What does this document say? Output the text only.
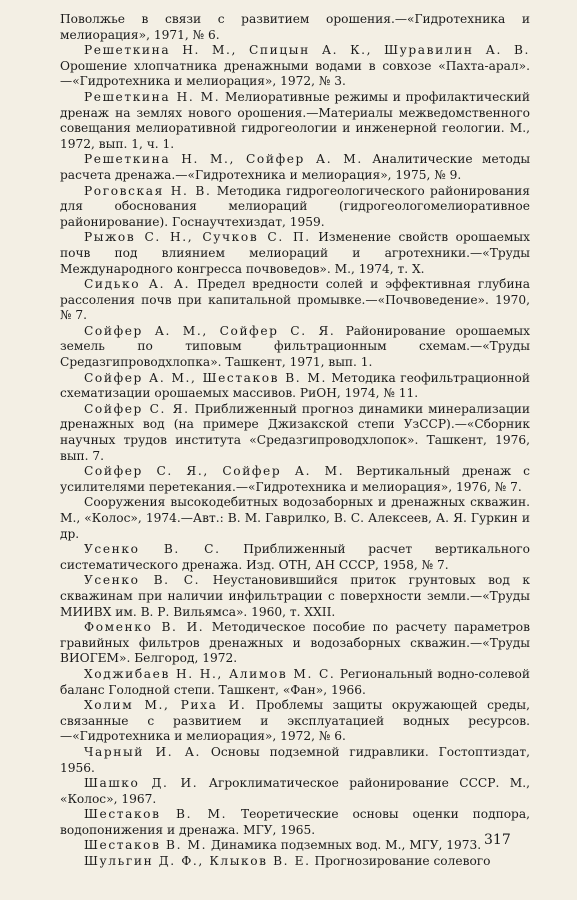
Поволжье в связи с развитием орошения.—«Гидротехника и мелиорация», 1971, № 6.

Решеткина Н. М., Спицын А. К., Шуравилин А. В. Орошение хлопчатника дренажными водами в совхозе «Пахта-арал».—«Гидротехника и мелиорация», 1972, № 3.

Решеткина Н. М. Мелиоративные режимы и профилактический дренаж на землях нового орошения.—Материалы межведомственного совещания мелиоративной гидрогеологии и инженерной геологии. М., 1972, вып. 1, ч. 1.

Решеткина Н. М., Сойфер А. М. Аналитические методы расчета дренажа.—«Гидротехника и мелиорация», 1975, № 9.

Роговская Н. В. Методика гидрогеологического районирования для обоснования мелиораций (гидрогеологомелиоративное районирование). Госнаучтехиздат, 1959.

Рыжов С. Н., Сучков С. П. Изменение свойств орошаемых почв под влиянием мелиораций и агротехники.—«Труды Международного конгресса почвоведов». М., 1974, т. X.

Сидько А. А. Предел вредности солей и эффективная глубина рассоления почв при капитальной промывке.—«Почвоведение». 1970, № 7.

Сойфер А. М., Сойфер С. Я. Районирование орошаемых земель по типовым фильтрационным схемам.—«Труды Средазгипроводхлопка». Ташкент, 1971, вып. 1.

Сойфер А. М., Шестаков В. М. Методика геофильтрационной схематизации орошаемых массивов. РиОН, 1974, № 11.

Сойфер С. Я. Приближенный прогноз динамики минерализации дренажных вод (на примере Джизакской степи УзССР).—«Сборник научных трудов института «Средазгипроводхлопок». Ташкент, 1976, вып. 7.

Сойфер С. Я., Сойфер А. М. Вертикальный дренаж с усилителями перетекания.—«Гидротехника и мелиорация», 1976, № 7.

Сооружения высокодебитных водозаборных и дренажных скважин. М., «Колос», 1974.—Авт.: В. М. Гаврилко, В. С. Алексеев, А. Я. Гуркин и др.

Усенко В. С. Приближенный расчет вертикального систематического дренажа. Изд. ОТН, АН СССР, 1958, № 7.

Усенко В. С. Неустановившийся приток грунтовых вод к скважинам при наличии инфильтрации с поверхности земли.—«Труды МИИВХ им. В. Р. Вильямса». 1960, т. XXII.

Фоменко В. И. Методическое пособие по расчету параметров гравийных фильтров дренажных и водозаборных скважин.—«Труды ВИОГЕМ». Белгород, 1972.

Ходжибаев Н. Н., Алимов М. С. Региональный водно-солевой баланс Голодной степи. Ташкент, «Фан», 1966.

Холим М., Риха И. Проблемы защиты окружающей среды, связанные с развитием и эксплуатацией водных ресурсов.—«Гидротехника и мелиорация», 1972, № 6.

Чарный И. А. Основы подземной гидравлики. Гостоптиздат, 1956.

Шашко Д. И. Агроклиматическое районирование СССР. М., «Колос», 1967.

Шестаков В. М. Теоретические основы оценки подпора, водопонижения и дренажа. МГУ, 1965.

Шестаков В. М. Динамика подземных вод. М., МГУ, 1973.

Шульгин Д. Ф., Клыков В. Е. Прогнозирование солевого

317
